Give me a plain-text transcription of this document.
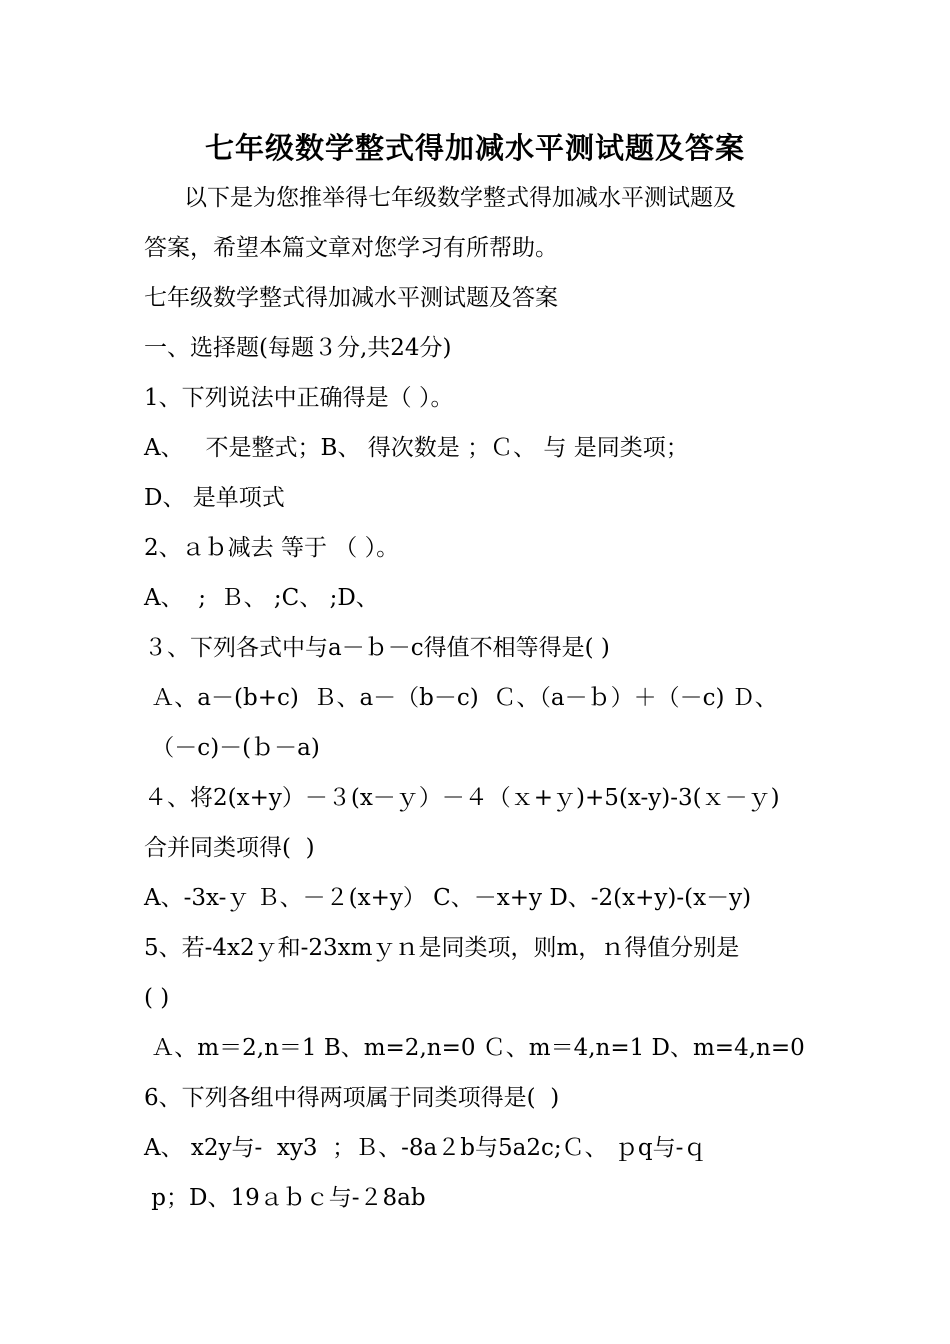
七年级数学整式得加减水平测试题及答案
以下是为您推举得七年级数学整式得加减水平测试题及
答案，希望本篇文章对您学习有所帮助。
七年级数学整式得加减水平测试题及答案
一、选择题(每题３分,共24分)
1、下列说法中正确得是（ ）。
A、   不是整式；B、 得次数是 ；Ｃ、 与 是同类项；
D、 是单项式
2、ａｂ减去 等于 （ ）。
A、  ;  Ｂ、 ;C、 ;D、
３、下列各式中与a－ｂ－c得值不相等得是( )
Ａ、a－(b+c)  Ｂ、a－（b－c)  Ｃ、（a－ｂ）＋（－c) Ｄ、
（－c)－(ｂ－a)
４、将2(x+y）－３(x－ｙ）－４（ｘ+ｙ)+5(x-y)-3(ｘ－ｙ)
合并同类项得(  )
A、-3x-ｙ Ｂ、－２(x+y） C、－x+y D、-2(x+y)-(x－y)
5、若-4x2ｙ和-23xmｙｎ是同类项，则m，ｎ得值分别是
( )
Ａ、m＝2,n＝1 B、m=2,n=0 Ｃ、m＝4,n=1 D、m=4,n=0
6、下列各组中得两项属于同类项得是(  )
A、 x2y与-  xy3  ；Ｂ、-8a２b与5a2c;Ｃ、 ｐq与-ｑ
p；D、19ａｂｃ与-２8ab
